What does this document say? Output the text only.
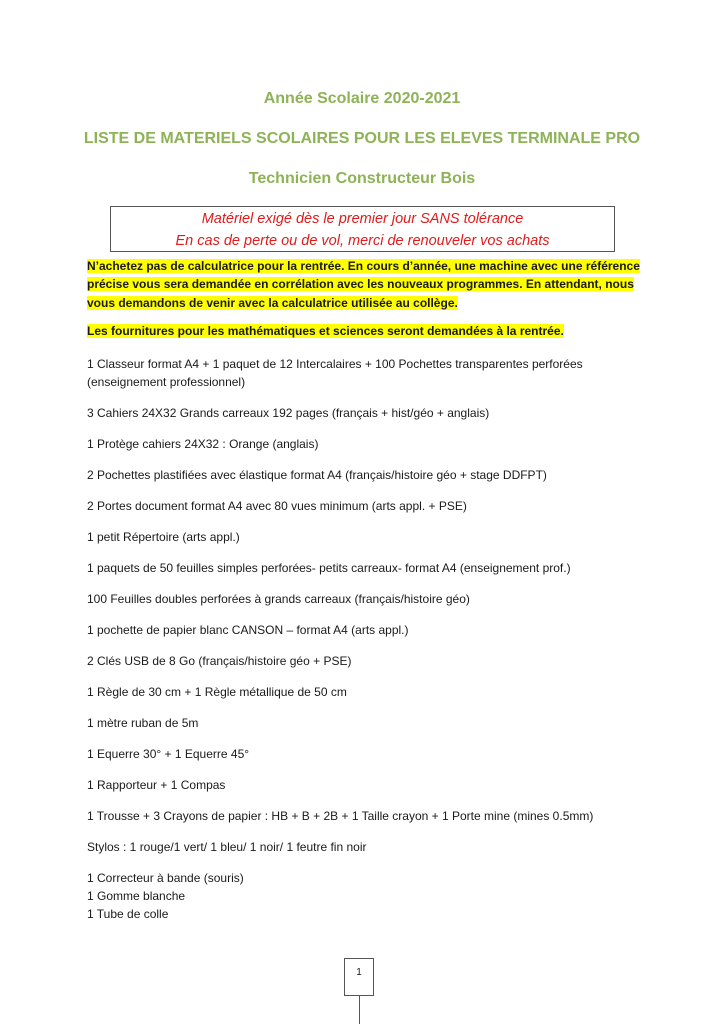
Année Scolaire 2020-2021
LISTE DE MATERIELS SCOLAIRES POUR LES ELEVES TERMINALE PRO
Technicien Constructeur Bois
Matériel exigé dès le premier jour SANS tolérance
En cas de perte ou de vol, merci de renouveler vos achats
N’achetez pas de calculatrice pour la rentrée. En cours d’année, une machine avec une référence
précise vous sera demandée en corrélation avec les nouveaux programmes. En attendant, nous
vous demandons de venir avec la calculatrice utilisée au collège.
Les fournitures pour les mathématiques et sciences seront demandées à la rentrée.
1 Classeur format A4 + 1 paquet de 12 Intercalaires + 100 Pochettes transparentes perforées
(enseignement professionnel)
3 Cahiers 24X32 Grands carreaux 192 pages (français + hist/géo + anglais)
1 Protège cahiers 24X32 : Orange (anglais)
2 Pochettes plastifiées avec élastique format A4 (français/histoire géo + stage DDFPT)
2 Portes document format A4 avec 80 vues minimum (arts appl. + PSE)
1 petit Répertoire (arts appl.)
1 paquets de 50 feuilles simples perforées- petits carreaux- format A4 (enseignement prof.)
100 Feuilles doubles perforées à grands carreaux (français/histoire géo)
1 pochette de papier blanc CANSON – format A4 (arts appl.)
2 Clés USB de 8 Go (français/histoire géo + PSE)
1 Règle de 30 cm + 1 Règle métallique de 50 cm
1 mètre ruban de 5m
1 Equerre 30° + 1 Equerre 45°
1 Rapporteur + 1 Compas
1 Trousse + 3 Crayons de papier : HB + B + 2B + 1 Taille crayon + 1 Porte mine (mines 0.5mm)
Stylos : 1 rouge/1 vert/ 1 bleu/ 1 noir/ 1 feutre fin noir
1 Correcteur à bande (souris)
1 Gomme blanche
1 Tube de colle
1
